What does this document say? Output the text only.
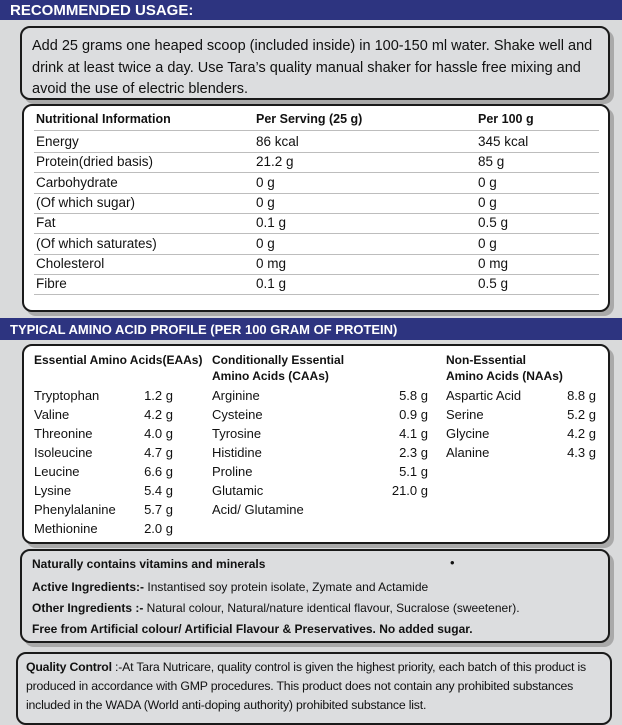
RECOMMENDED USAGE:
Add 25 grams one heaped scoop (included inside) in 100-150 ml water. Shake well and drink at least twice a day. Use Tara’s quality manual shaker for hassle free mixing and avoid the use of electric blenders.
Nutritional Information	Per Serving (25 g)	Per 100 g
Energy	86 kcal	345 kcal
Protein(dried basis)	21.2 g	85 g
Carbohydrate	0 g	0 g
(Of which sugar)	0 g	0 g
Fat	0.1 g	0.5 g
(Of which saturates)	0 g	0 g
Cholesterol	0 mg	0 mg
Fibre	0.1 g	0.5 g
TYPICAL AMINO ACID PROFILE (PER 100 GRAM OF PROTEIN)
Essential Amino Acids(EAAs) Conditionally Essential
Amino Acids (CAAs)
Non-Essential
Amino Acids (NAAs)
Tryptophan	1.2 g
Valine	4.2 g
Threonine	4.0 g
Isoleucine	4.7 g
Leucine	6.6 g
Lysine	5.4 g
Phenylalanine 5.7 g
Methionine	2.0 g
Arginine	5.8 g
Cysteine	0.9 g
Tyrosine	4.1 g
Histidine	2.3 g
Proline	5.1 g
Glutamic	21.0 g
Acid/ Glutamine
Aspartic Acid	8.8 g
Serine	5.2 g
Glycine	4.2 g
Alanine	4.3 g
Naturally contains vitamins and minerals	•
Active Ingredients:- Instantised soy protein isolate, Zymate and Actamide
Other Ingredients :- Natural colour, Natural/nature identical flavour, Sucralose (sweetener).
Free from Artificial colour/ Artificial Flavour & Preservatives. No added sugar.
Quality Control :-At Tara Nutricare, quality control is given the highest priority, each batch of this product is produced in accordance with GMP procedures. This product does not contain any prohibited substances included in the WADA (World anti-doping authority) prohibited substance list.
